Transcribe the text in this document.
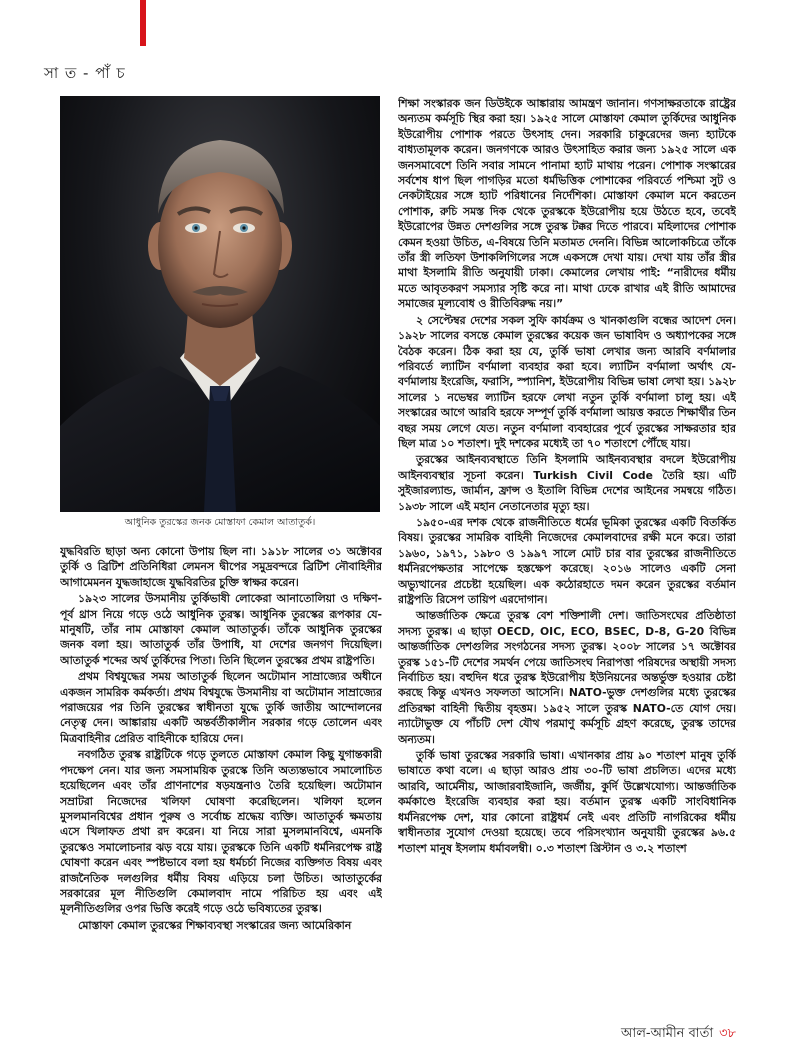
সা ত - পাঁ চ
আধুনিক তুরস্কের জনক মোস্তাফা কেমাল আতাতুর্ক।

যুদ্ধবিরতি ছাড়া অন্য কোনো উপায় ছিল না। ১৯১৮ সালের ৩১ অক্টোবর তুর্কি ও ব্রিটিশ প্রতিনিধিরা লেমনস দ্বীপের সমুদ্রবন্দরে ব্রিটিশ নৌবাহিনীর আগামেমনন যুদ্ধজাহাজে যুদ্ধবিরতির চুক্তি স্বাক্ষর করেন।

১৯২৩ সালের উসমানীয় তুর্কিভাষী লোকেরা আনাতোলিয়া ও দক্ষিণ-পূর্ব থ্রাস নিয়ে গড়ে ওঠে আধুনিক তুরস্ক। আধুনিক তুরস্কের রূপকার যে-মানুষটি, তাঁর নাম মোস্তাফা কেমাল আতাতুর্ক। তাঁকে আধুনিক তুরস্কের জনক বলা হয়। আতাতুর্ক তাঁর উপাধি, যা দেশের জনগণ দিয়েছিল। আতাতুর্ক শব্দের অর্থ তুর্কিদের পিতা। তিনি ছিলেন তুরস্কের প্রথম রাষ্ট্রপতি।

প্রথম বিশ্বযুদ্ধের সময় আতাতুর্ক ছিলেন অটোমান সাম্রাজ্যের অধীনে একজন সামরিক কর্মকর্তা। প্রথম বিশ্বযুদ্ধে উসমানীয় বা অটোমান সাম্রাজ্যের পরাজয়ের পর তিনি তুরস্কের স্বাধীনতা যুদ্ধে তুর্কি জাতীয় আন্দোলনের নেতৃত্ব দেন। আঙ্কারায় একটি অন্তর্বর্তীকালীন সরকার গড়ে তোলেন এবং মিত্রবাহিনীর প্রেরিত বাহিনীকে হারিয়ে দেন।

নবগঠিত তুরস্ক রাষ্ট্রটিকে গড়ে তুলতে মোস্তাফা কেমাল কিছু যুগান্তকারী পদক্ষেপ নেন। যার জন্য সমসাময়িক তুরস্কে তিনি অত্যন্তভাবে সমালোচিত হয়েছিলেন এবং তাঁর প্রাণনাশের ষড়যন্ত্রনাও তৈরি হয়েছিল। অটোমান সম্রাটরা নিজেদের খলিফা ঘোষণা করেছিলেন। খলিফা হলেন মুসলমানবিশ্বের প্রধান পুরুষ ও সর্বোচ্চ শ্রদ্ধেয় ব্যক্তি। আতাতুর্ক ক্ষমতায় এসে খিলাফত প্রথা রদ করেন। যা নিয়ে সারা মুসলমানবিশ্বে, এমনকি তুরস্কেও সমালোচনার ঝড় বয়ে যায়। তুরস্ককে তিনি একটি ধর্মনিরপেক্ষ রাষ্ট্র ঘোষণা করেন এবং স্পষ্টভাবে বলা হয় ধর্মচর্চা নিজের ব্যক্তিগত বিষয় এবং রাজনৈতিক দলগুলির ধর্মীয় বিষয় এড়িয়ে চলা উচিত। আতাতুর্কের সরকারের মূল নীতিগুলি কেমালবাদ নামে পরিচিত হয় এবং এই মূলনীতিগুলির ওপর ভিত্তি করেই গড়ে ওঠে ভবিষ্যতের তুরস্ক।

মোস্তাফা কেমাল তুরস্কের শিক্ষাব্যবস্থা সংস্কারের জন্য আমেরিকান

শিক্ষা সংস্কারক জন ডিউইকে আঙ্কারায় আমন্ত্রণ জানান। গণসাক্ষরতাকে রাষ্ট্রের অন্যতম কর্মসূচি স্থির করা হয়। ১৯২৫ সালে মোস্তাফা কেমাল তুর্কিদের আধুনিক ইউরোপীয় পোশাক পরতে উৎসাহ দেন। সরকারি চাকুরেদের জন্য হ্যাটকে বাধ্যতামূলক করেন। জনগণকে আরও উৎসাহিত করার জন্য ১৯২৫ সালে এক জনসমাবেশে তিনি সবার সামনে পানামা হ্যাট মাথায় পরেন। পোশাক সংস্কারের সর্বশেষ ধাপ ছিল পাগড়ির মতো ধর্মভিত্তিক পোশাকের পরিবর্তে পশ্চিমা সুট ও নেকটাইয়ের সঙ্গে হ্যাট পরিধানের নির্দেশিকা। মোস্তাফা কেমাল মনে করতেন পোশাক, রুচি সমস্ত দিক থেকে তুরস্ককে ইউরোপীয় হয়ে উঠতে হবে, তবেই ইউরোপের উন্নত দেশগুলির সঙ্গে তুরস্ক টক্কর দিতে পারবে। মহিলাদের পোশাক কেমন হওয়া উচিত, এ-বিষয়ে তিনি মতামত দেননি। বিভিন্ন আলোকচিত্রে তাঁকে তাঁর স্ত্রী লতিফা উশাকলিগিলের সঙ্গে একসঙ্গে দেখা যায়। দেখা যায় তাঁর স্ত্রীর মাথা ইসলামি রীতি অনুযায়ী ঢাকা। কেমালের লেখায় পাই: “নারীদের ধর্মীয় মতে আবৃতকরণ সমস্যার সৃষ্টি করে না। মাথা ঢেকে রাখার এই রীতি আমাদের সমাজের মূল্যবোধ ও রীতিবিরুদ্ধ নয়।”

২ সেপ্টেম্বর দেশের সকল সুফি কার্যক্রম ও খানকাগুলি বন্ধের আদেশ দেন। ১৯২৮ সালের বসন্তে কেমাল তুরস্কের কয়েক জন ভাষাবিদ ও অধ্যাপকের সঙ্গে বৈঠক করেন। ঠিক করা হয় যে, তুর্কি ভাষা লেখার জন্য আরবি বর্ণমালার পরিবর্তে ল্যাটিন বর্ণমালা ব্যবহার করা হবে। ল্যাটিন বর্ণমালা অর্থাৎ যে-বর্ণমালায় ইংরেজি, ফরাসি, স্প্যানিশ, ইউরোপীয় বিভিন্ন ভাষা লেখা হয়। ১৯২৮ সালের ১ নভেম্বর ল্যাটিন হরফে লেখা নতুন তুর্কি বর্ণমালা চালু হয়। এই সংস্কারের আগে আরবি হরফে সম্পূর্ণ তুর্কি বর্ণমালা আয়ত্ত করতে শিক্ষার্থীর তিন বছর সময় লেগে যেত। নতুন বর্ণমালা ব্যবহারের পূর্বে তুরস্কের সাক্ষরতার হার ছিল মাত্র ১০ শতাংশ। দুই দশকের মধ্যেই তা ৭০ শতাংশে পৌঁছে যায়।

তুরস্কের আইনব্যবস্থাতে তিনি ইসলামি আইনব্যবস্থার বদলে ইউরোপীয় আইনব্যবস্থার সূচনা করেন। Turkish Civil Code তৈরি হয়। এটি সুইজারল্যান্ড, জার্মান, ফ্রান্স ও ইতালি বিভিন্ন দেশের আইনের সমন্বয়ে গঠিত। ১৯৩৮ সালে এই মহান নেতানেতার মৃত্যু হয়।

১৯৫০-এর দশক থেকে রাজনীতিতে ধর্মের ভূমিকা তুরস্কের একটি বিতর্কিত বিষয়। তুরস্কের সামরিক বাহিনী নিজেদের কেমালবাদের রক্ষী মনে করে। তারা ১৯৬০, ১৯৭১, ১৯৮০ ও ১৯৯৭ সালে মোট চার বার তুরস্কের রাজনীতিতে ধর্মনিরপেক্ষতার সাপেক্ষে হস্তক্ষেপ করেছে। ২০১৬ সালেও একটি সেনা অভ্যুত্থানের প্রচেষ্টা হয়েছিল। এক কঠোরহাতে দমন করেন তুরস্কের বর্তমান রাষ্ট্রপতি রিসেপ তায়িপ এরদোগান।

আন্তর্জাতিক ক্ষেত্রে তুরস্ক বেশ শক্তিশালী দেশ। জাতিসংঘের প্রতিষ্ঠাতা সদস্য তুরস্ক। এ ছাড়া OECD, OIC, ECO, BSEC, D-8, G-20 বিভিন্ন আন্তর্জাতিক দেশগুলির সংগঠনের সদস্য তুরস্ক। ২০০৮ সালের ১৭ অক্টোবর তুরস্ক ১৫১-টি দেশের সমর্থন পেয়ে জাতিসংঘ নিরাপত্তা পরিষদের অস্থায়ী সদস্য নির্বাচিত হয়। বহুদিন ধরে তুরস্ক ইউরোপীয় ইউনিয়নের অন্তর্ভুক্ত হওয়ার চেষ্টা করছে কিন্তু এখনও সফলতা আসেনি। NATO-ভুক্ত দেশগুলির মধ্যে তুরস্কের প্রতিরক্ষা বাহিনী দ্বিতীয় বৃহত্তম। ১৯৫২ সালে তুরস্ক NATO-তে যোগ দেয়। ন্যাটোভুক্ত যে পাঁচটি দেশ যৌথ পরমাণু কর্মসূচি গ্রহণ করেছে, তুরস্ক তাদের অন্যতম।

তুর্কি ভাষা তুরস্কের সরকারি ভাষা। এখানকার প্রায় ৯০ শতাংশ মানুষ তুর্কি ভাষাতে কথা বলে। এ ছাড়া আরও প্রায় ৩০-টি ভাষা প্রচলিত। এদের মধ্যে আরবি, আর্মেনীয়, আজারবাইজানি, জর্জীয়, কুর্দি উল্লেখযোগ্য। আন্তর্জাতিক কর্মকাণ্ডে ইংরেজি ব্যবহার করা হয়। বর্তমান তুরস্ক একটি সাংবিধানিক ধর্মনিরপেক্ষ দেশ, যার কোনো রাষ্ট্রধর্ম নেই এবং প্রতিটি নাগরিকের ধর্মীয় স্বাধীনতার সুযোগ দেওয়া হয়েছে। তবে পরিসংখ্যান অনুযায়ী তুরস্কের ৯৬.৫ শতাংশ মানুষ ইসলাম ধর্মাবলম্বী। ০.৩ শতাংশ খ্রিস্টান ও ৩.২ শতাংশ

আল-আমীন বার্তা ৩৮
